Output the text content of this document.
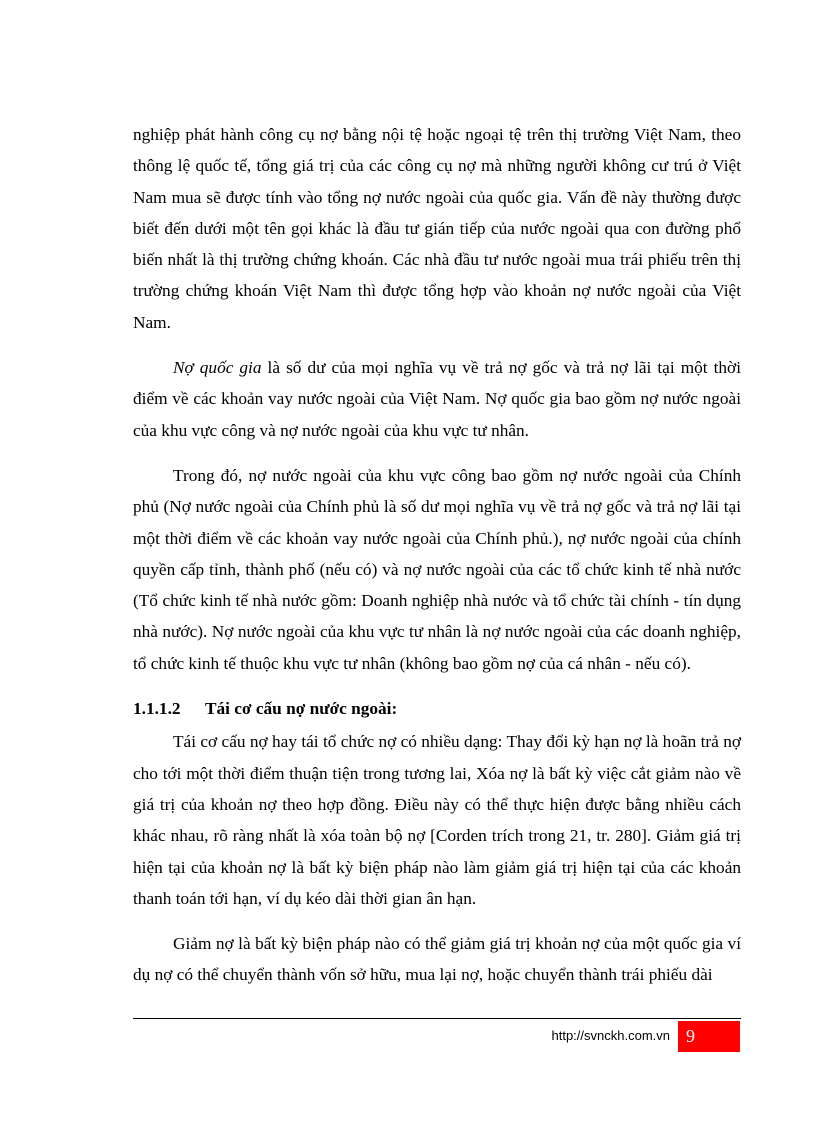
nghiệp phát hành công cụ nợ bằng nội tệ hoặc ngoại tệ trên thị trường Việt Nam, theo thông lệ quốc tế, tổng giá trị của các công cụ nợ mà những người không cư trú ở Việt Nam mua sẽ được tính vào tổng nợ nước ngoài của quốc gia. Vấn đề này thường được biết đến dưới một tên gọi khác là đầu tư gián tiếp của nước ngoài qua con đường phổ biến nhất là thị trường chứng khoán. Các nhà đầu tư nước ngoài mua trái phiếu trên thị trường chứng khoán Việt Nam thì được tổng hợp vào khoản nợ nước ngoài của Việt Nam.

Nợ quốc gia là số dư của mọi nghĩa vụ về trả nợ gốc và trả nợ lãi tại một thời điểm về các khoản vay nước ngoài của Việt Nam. Nợ quốc gia bao gồm nợ nước ngoài của khu vực công và nợ nước ngoài của khu vực tư nhân.

Trong đó, nợ nước ngoài của khu vực công bao gồm nợ nước ngoài của Chính phủ (Nợ nước ngoài của Chính phủ là số dư mọi nghĩa vụ về trả nợ gốc và trả nợ lãi tại một thời điểm về các khoản vay nước ngoài của Chính phủ.), nợ nước ngoài của chính quyền cấp tỉnh, thành phố (nếu có) và nợ nước ngoài của các tổ chức kinh tế nhà nước (Tổ chức kinh tế nhà nước gồm: Doanh nghiệp nhà nước và tổ chức tài chính - tín dụng nhà nước). Nợ nước ngoài của khu vực tư nhân là nợ nước ngoài của các doanh nghiệp, tổ chức kinh tế thuộc khu vực tư nhân (không bao gồm nợ của cá nhân - nếu có).

1.1.1.2	Tái cơ cấu nợ nước ngoài:

Tái cơ cấu nợ hay tái tổ chức nợ có nhiều dạng: Thay đổi kỳ hạn nợ là hoãn trả nợ cho tới một thời điểm thuận tiện trong tương lai, Xóa nợ là bất kỳ việc cắt giảm nào về giá trị của khoản nợ theo hợp đồng. Điều này có thể thực hiện được bằng nhiều cách khác nhau, rõ ràng nhất là xóa toàn bộ nợ [Corden trích trong 21, tr. 280]. Giảm giá trị hiện tại của khoản nợ là bất kỳ biện pháp nào làm giảm giá trị hiện tại của các khoản thanh toán tới hạn, ví dụ kéo dài thời gian ân hạn.

Giảm nợ là bất kỳ biện pháp nào có thể giảm giá trị khoản nợ của một quốc gia ví dụ nợ có thể chuyển thành vốn sở hữu, mua lại nợ, hoặc chuyển thành trái phiếu dài

http://svnckh.com.vn 9
